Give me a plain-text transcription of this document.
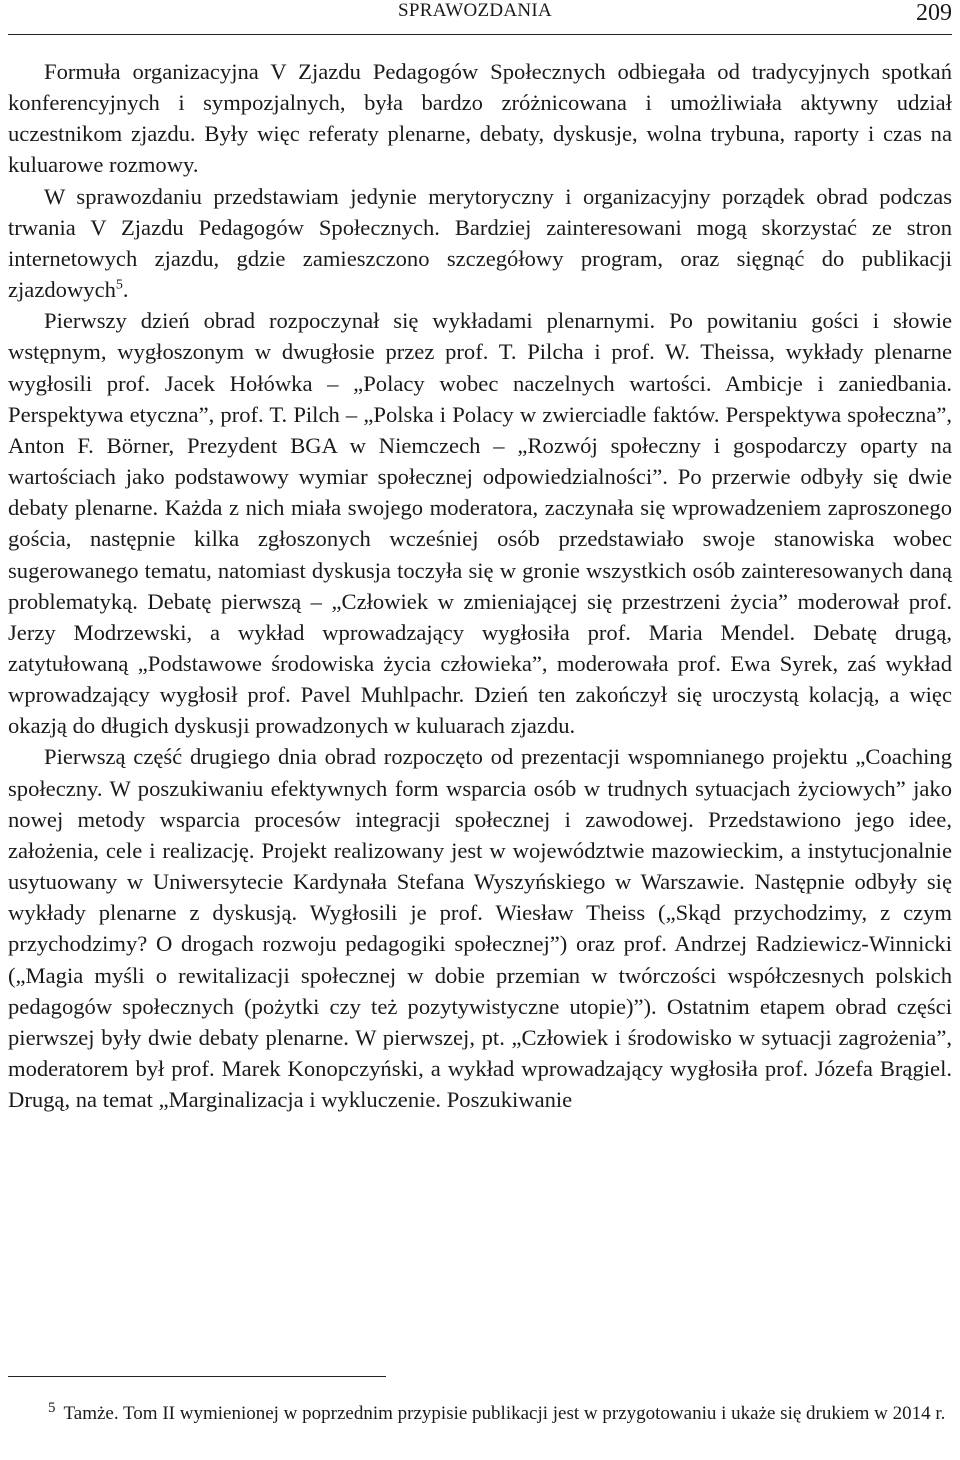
SPRAWOZDANIA	209

Formuła organizacyjna V Zjazdu Pedagogów Społecznych odbiegała od tradycyjnych spotkań konferencyjnych i sympozjalnych, była bardzo zróżnicowana i umożliwiała aktywny udział uczestnikom zjazdu. Były więc referaty plenarne, debaty, dyskusje, wolna trybuna, raporty i czas na kuluarowe rozmowy.

W sprawozdaniu przedstawiam jedynie merytoryczny i organizacyjny porządek obrad podczas trwania V Zjazdu Pedagogów Społecznych. Bardziej zainteresowani mogą skorzystać ze stron internetowych zjazdu, gdzie zamieszczono szczegółowy program, oraz sięgnąć do publikacji zjazdowych$^5$.

Pierwszy dzień obrad rozpoczynał się wykładami plenarnymi. Po powitaniu gości i słowie wstępnym, wygłoszonym w dwugłosie przez prof. T. Pilcha i prof. W. Theissa, wykłady plenarne wygłosili prof. Jacek Hołówka – „Polacy wobec naczelnych wartości. Ambicje i zaniedbania. Perspektywa etyczna”, prof. T. Pilch – „Polska i Polacy w zwierciadle faktów. Perspektywa społeczna”, Anton F. Börner, Prezydent BGA w Niemczech – „Rozwój społeczny i gospodarczy oparty na wartościach jako podstawowy wymiar społecznej odpowiedzialności”. Po przerwie odbyły się dwie debaty plenarne. Każda z nich miała swojego moderatora, zaczynała się wprowadzeniem zaproszonego gościa, następnie kilka zgłoszonych wcześniej osób przedstawiało swoje stanowiska wobec sugerowanego tematu, natomiast dyskusja toczyła się w gronie wszystkich osób zainteresowanych daną problematyką. Debatę pierwszą – „Człowiek w zmieniającej się przestrzeni życia” moderował prof. Jerzy Modrzewski, a wykład wprowadzający wygłosiła prof. Maria Mendel. Debatę drugą, zatytułowaną „Podstawowe środowiska życia człowieka”, moderowała prof. Ewa Syrek, zaś wykład wprowadzający wygłosił prof. Pavel Muhlpachr. Dzień ten zakończył się uroczystą kolacją, a więc okazją do długich dyskusji prowadzonych w kuluarach zjazdu.

Pierwszą część drugiego dnia obrad rozpoczęto od prezentacji wspomnianego projektu „Coaching społeczny. W poszukiwaniu efektywnych form wsparcia osób w trudnych sytuacjach życiowych” jako nowej metody wsparcia procesów integracji społecznej i zawodowej. Przedstawiono jego idee, założenia, cele i realizację. Projekt realizowany jest w województwie mazowieckim, a instytucjonalnie usytuowany w Uniwersytecie Kardynała Stefana Wyszyńskiego w Warszawie. Następnie odbyły się wykłady plenarne z dyskusją. Wygłosili je prof. Wiesław Theiss („Skąd przychodzimy, z czym przychodzimy? O drogach rozwoju pedagogiki społecznej”) oraz prof. Andrzej Radziewicz-Winnicki („Magia myśli o rewitalizacji społecznej w dobie przemian w twórczości współczesnych polskich pedagogów społecznych (pożytki czy też pozytywistyczne utopie)”). Ostatnim etapem obrad części pierwszej były dwie debaty plenarne. W pierwszej, pt. „Człowiek i środowisko w sytuacji zagrożenia”, moderatorem był prof. Marek Konopczyński, a wykład wprowadzający wygłosiła prof. Józefa Brągiel. Drugą, na temat „Marginalizacja i wykluczenie. Poszukiwanie

$^5$ Tamże. Tom II wymienionej w poprzednim przypisie publikacji jest w przygotowaniu i ukaże się drukiem w 2014 r.
